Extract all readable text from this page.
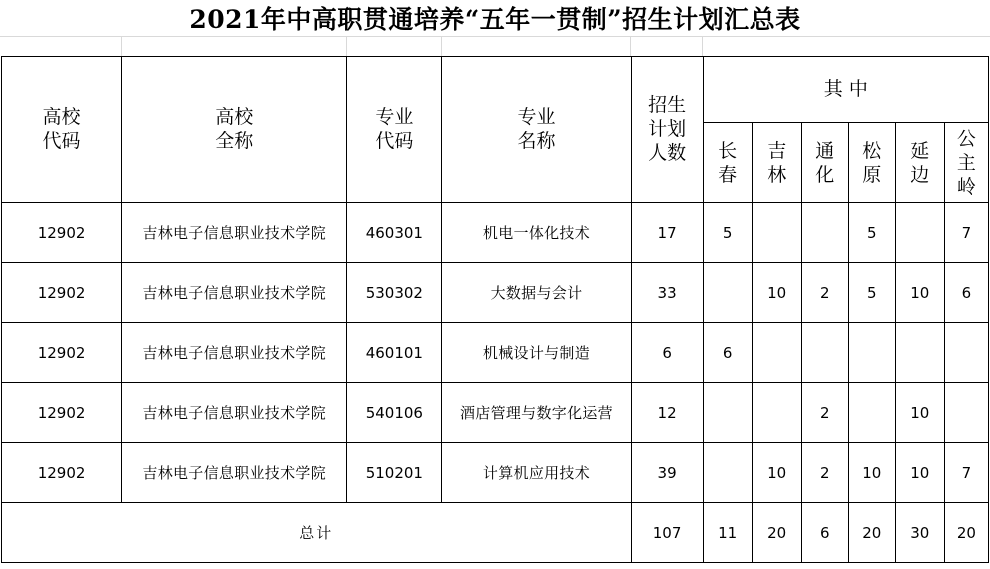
2021年中高职贯通培养“五年一贯制”招生计划汇总表
高校代码	高校全称	专业代码	专业名称	招生计划人数	其 中					
					长春	吉林	通化	松原	延边	公主岭
12902	吉林电子信息职业技术学院	460301	机电一体化技术	17	5			5		7
12902	吉林电子信息职业技术学院	530302	大数据与会计	33		10	2	5	10	6
12902	吉林电子信息职业技术学院	460101	机械设计与制造	6	6					
12902	吉林电子信息职业技术学院	540106	酒店管理与数字化运营	12			2		10	
12902	吉林电子信息职业技术学院	510201	计算机应用技术	39		10	2	10	10	7
总计				107	11	20	6	20	30	20
